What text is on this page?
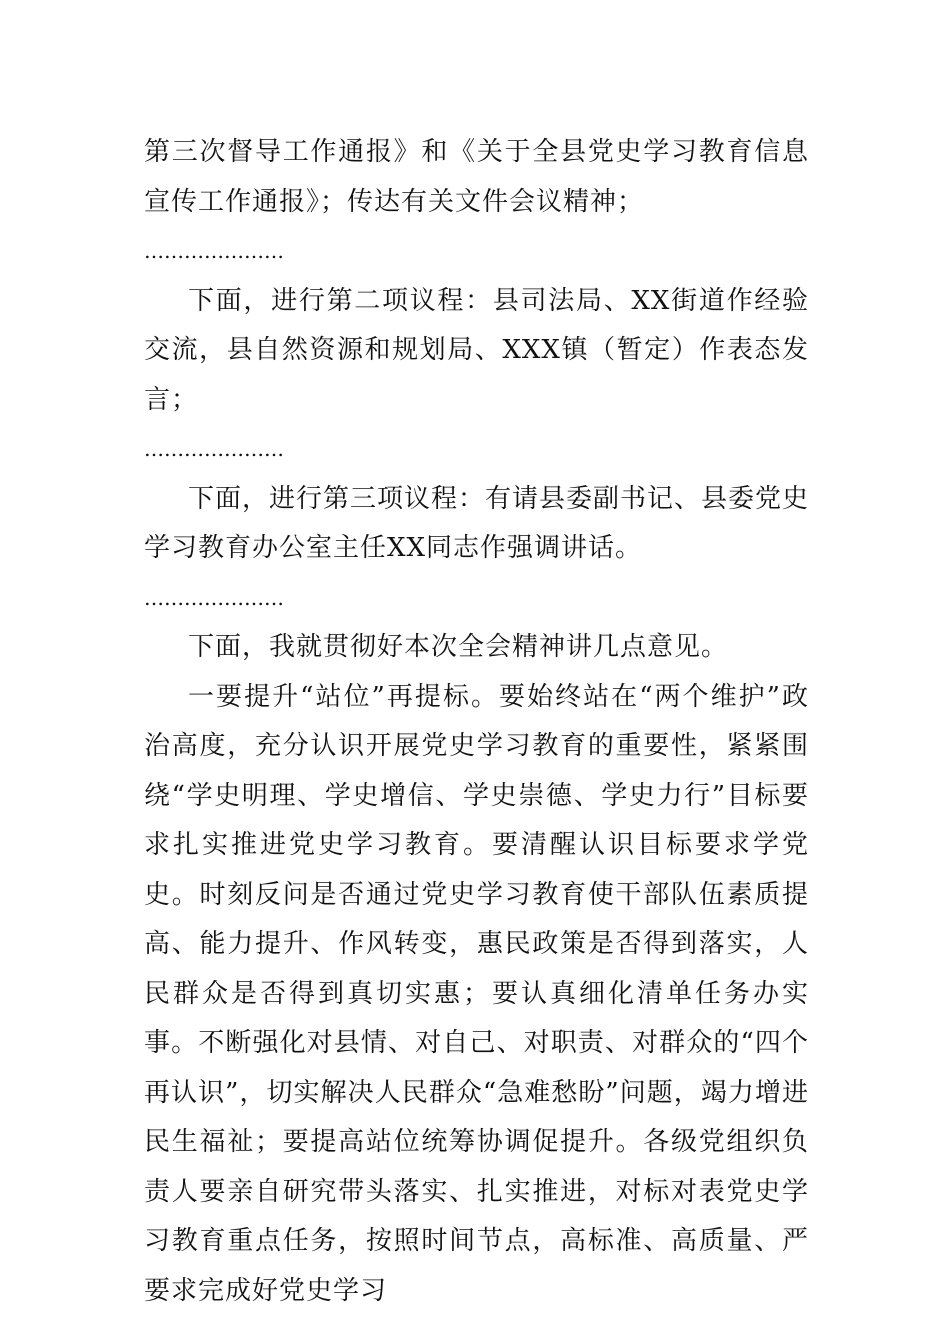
第三次督导工作通报》和《关于全县党史学习教育信息宣传工作通报》；传达有关文件会议精神；

…………………

下面，进行第二项议程：县司法局、XX街道作经验交流，县自然资源和规划局、XXX镇（暂定）作表态发言；

…………………

下面，进行第三项议程：有请县委副书记、县委党史学习教育办公室主任XX同志作强调讲话。

…………………

下面，我就贯彻好本次全会精神讲几点意见。

一要提升“站位”再提标。要始终站在“两个维护”政治高度，充分认识开展党史学习教育的重要性，紧紧围绕“学史明理、学史增信、学史崇德、学史力行”目标要求扎实推进党史学习教育。要清醒认识目标要求学党史。时刻反问是否通过党史学习教育使干部队伍素质提高、能力提升、作风转变，惠民政策是否得到落实，人民群众是否得到真切实惠；要认真细化清单任务办实事。不断强化对县情、对自己、对职责、对群众的“四个再认识”，切实解决人民群众“急难愁盼”问题，竭力增进民生福祉；要提高站位统筹协调促提升。各级党组织负责人要亲自研究带头落实、扎实推进，对标对表党史学习教育重点任务，按照时间节点，高标准、高质量、严要求完成好党史学习
